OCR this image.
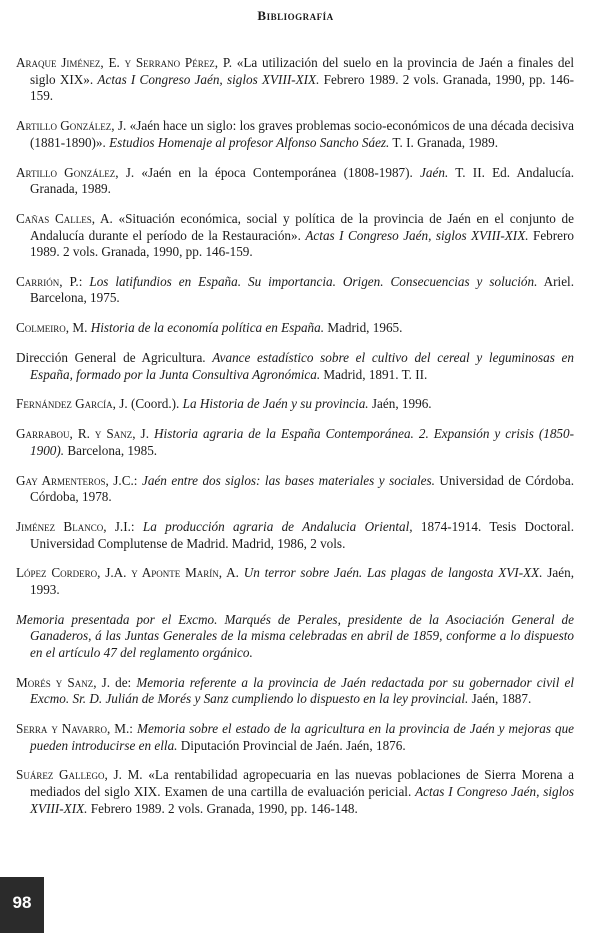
Bibliografía

Araque Jiménez, E. y Serrano Pérez, P. «La utilización del suelo en la provincia de Jaén a finales del siglo XIX». Actas I Congreso Jaén, siglos XVIII-XIX. Febrero 1989. 2 vols. Granada, 1990, pp. 146-159.

Artillo González, J. «Jaén hace un siglo: los graves problemas socio-económicos de una década decisiva (1881-1890)». Estudios Homenaje al profesor Alfonso Sancho Sáez. T. I. Granada, 1989.

Artillo González, J. «Jaén en la época Contemporánea (1808-1987). Jaén. T. II. Ed. Andalucía. Granada, 1989.

Cañas Calles, A. «Situación económica, social y política de la provincia de Jaén en el conjunto de Andalucía durante el período de la Restauración». Actas I Congreso Jaén, siglos XVIII-XIX. Febrero 1989. 2 vols. Granada, 1990, pp. 146-159.

Carrión, P.: Los latifundios en España. Su importancia. Origen. Consecuencias y solución. Ariel. Barcelona, 1975.

Colmeiro, M. Historia de la economía política en España. Madrid, 1965.

Dirección General de Agricultura. Avance estadístico sobre el cultivo del cereal y leguminosas en España, formado por la Junta Consultiva Agronómica. Madrid, 1891. T. II.

Fernández García, J. (Coord.). La Historia de Jaén y su provincia. Jaén, 1996.

Garrabou, R. y Sanz, J. Historia agraria de la España Contemporánea. 2. Expansión y crisis (1850-1900). Barcelona, 1985.

Gay Armenteros, J.C.: Jaén entre dos siglos: las bases materiales y sociales. Universidad de Córdoba. Córdoba, 1978.

Jiménez Blanco, J.I.: La producción agraria de Andalucia Oriental, 1874-1914. Tesis Doctoral. Universidad Complutense de Madrid. Madrid, 1986, 2 vols.

López Cordero, J.A. y Aponte Marín, A. Un terror sobre Jaén. Las plagas de langosta XVI-XX. Jaén, 1993.

Memoria presentada por el Excmo. Marqués de Perales, presidente de la Asociación General de Ganaderos, á las Juntas Generales de la misma celebradas en abril de 1859, conforme a lo dispuesto en el artículo 47 del reglamento orgánico.

Morés y Sanz, J. de: Memoria referente a la provincia de Jaén redactada por su gobernador civil el Excmo. Sr. D. Julián de Morés y Sanz cumpliendo lo dispuesto en la ley provincial. Jaén, 1887.

Serra y Navarro, M.: Memoria sobre el estado de la agricultura en la provincia de Jaén y mejoras que pueden introducirse en ella. Diputación Provincial de Jaén. Jaén, 1876.

Suárez Gallego, J. M. «La rentabilidad agropecuaria en las nuevas poblaciones de Sierra Morena a mediados del siglo XIX. Examen de una cartilla de evaluación pericial. Actas I Congreso Jaén, siglos XVIII-XIX. Febrero 1989. 2 vols. Granada, 1990, pp. 146-148.

98
